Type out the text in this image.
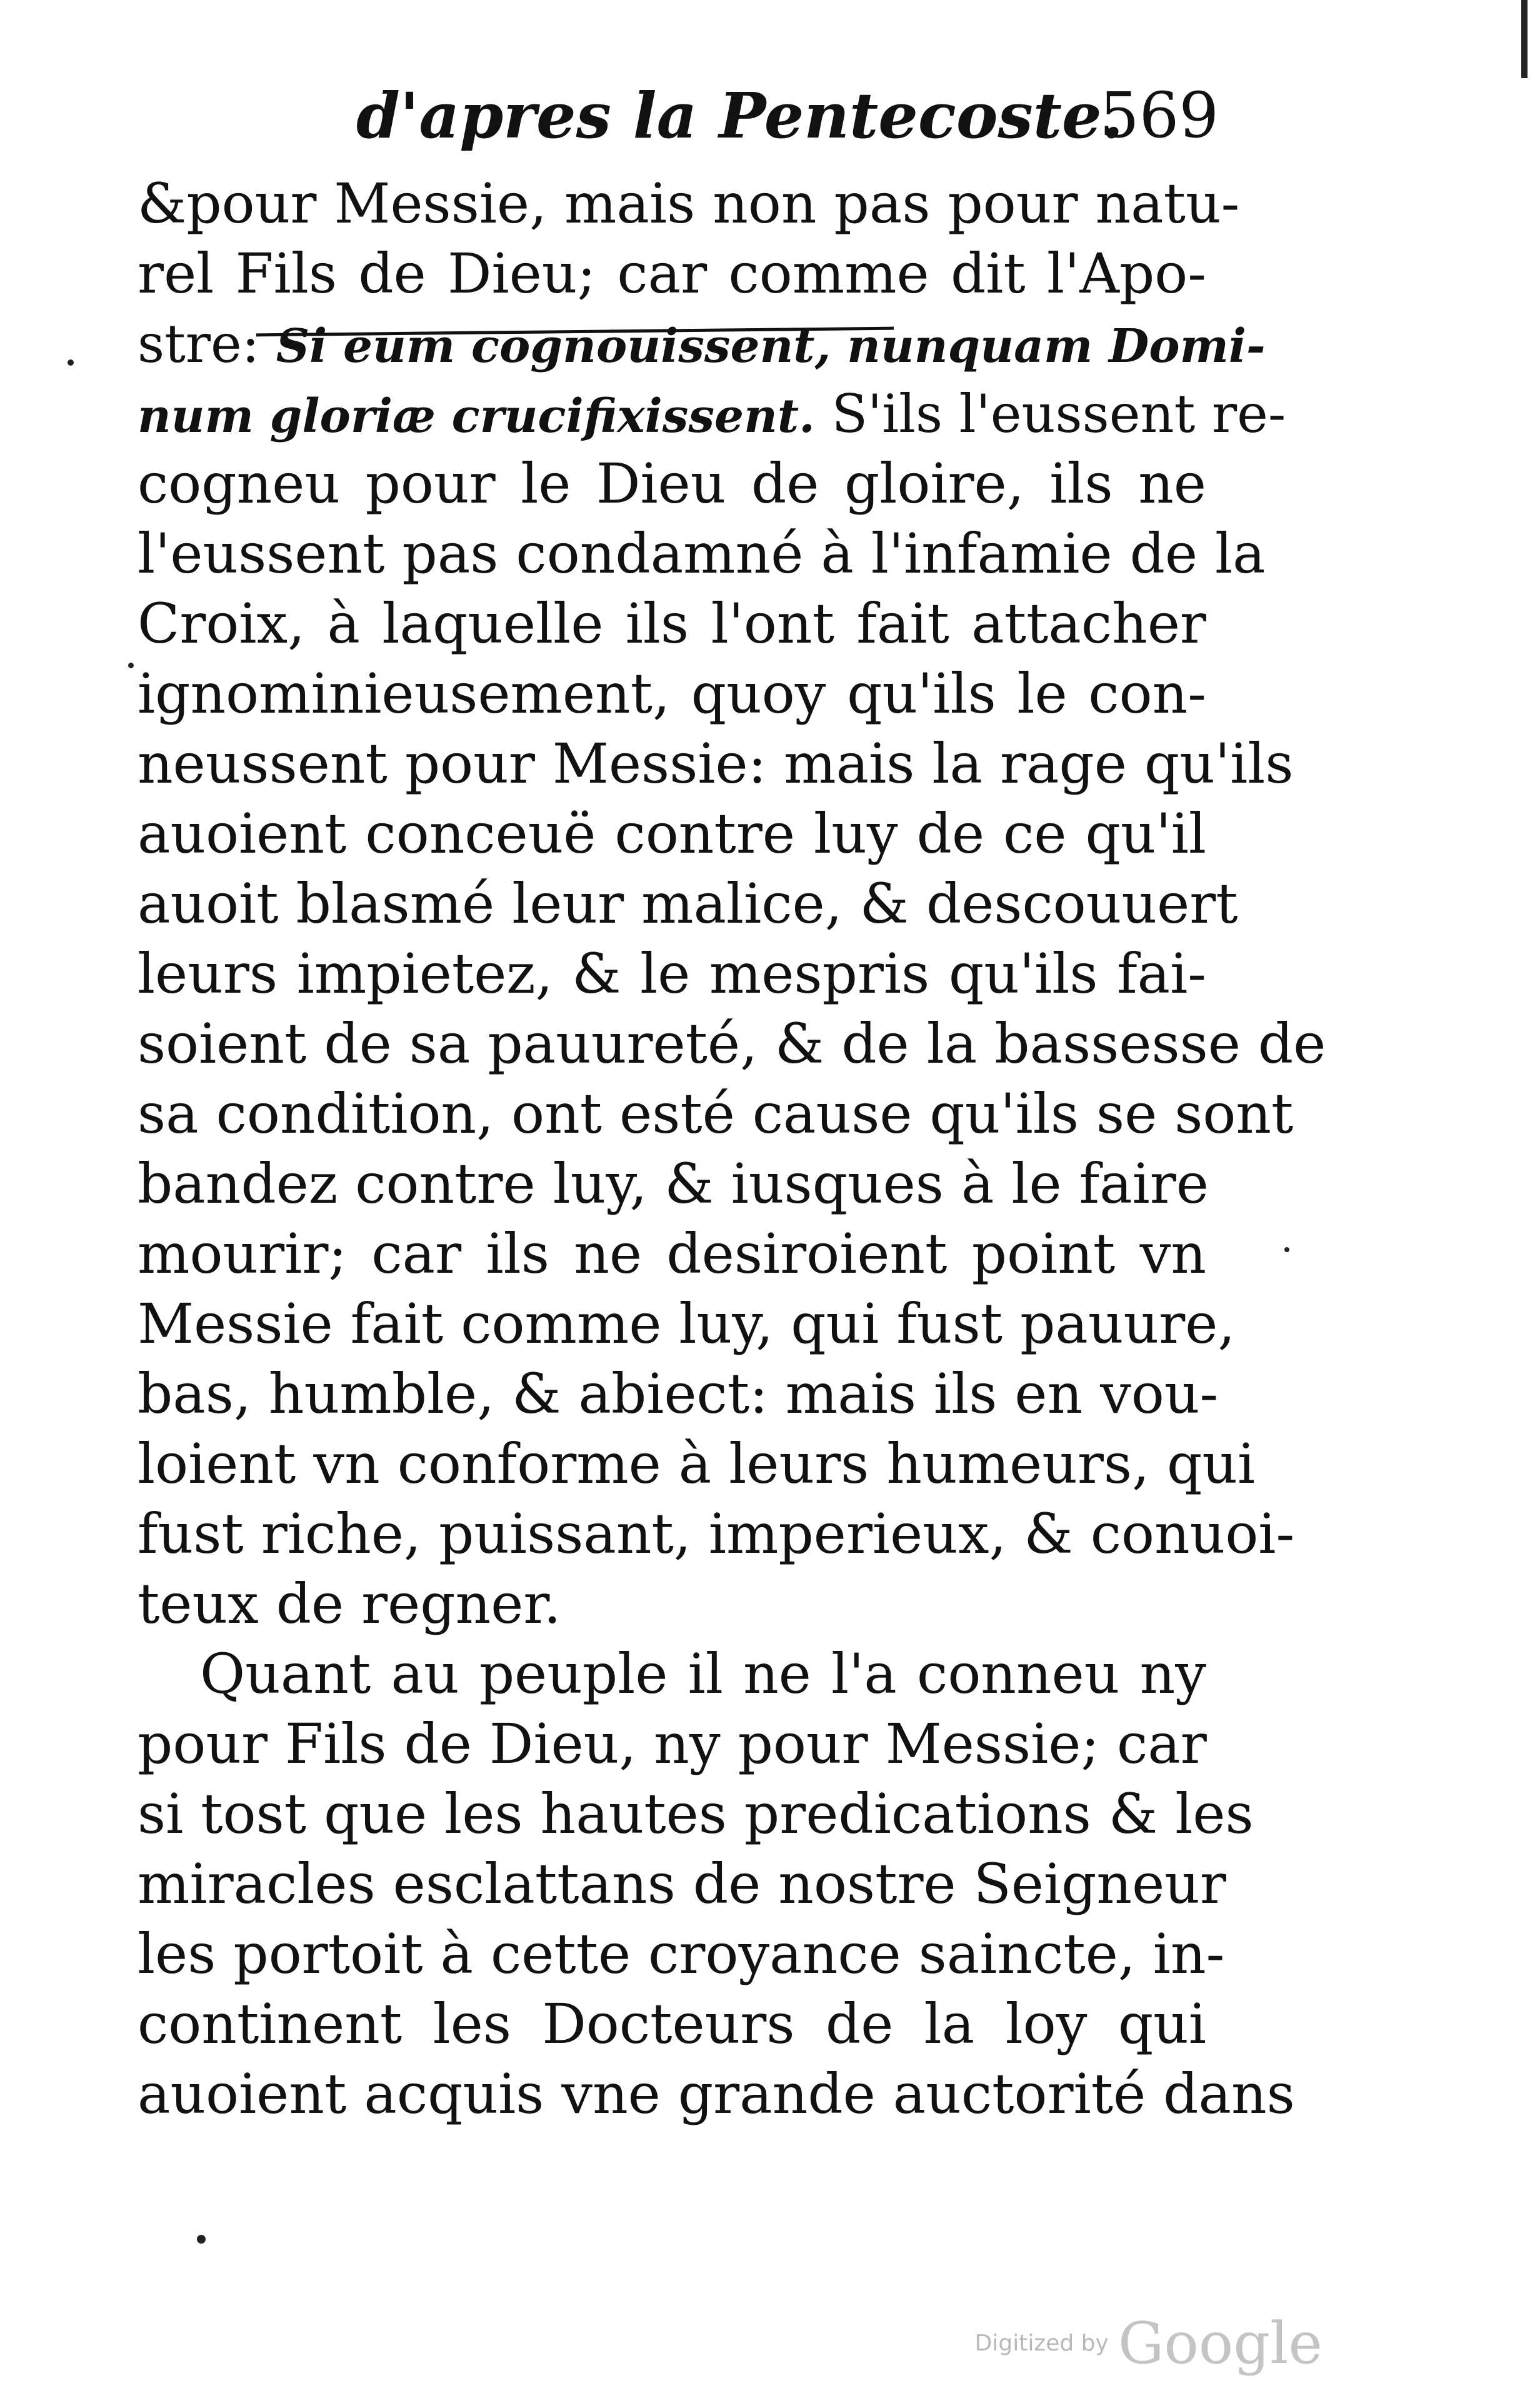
d'apres la Pentecoste.
569
&pour Messie, mais non pas pour natu-
rel Fils de Dieu; car comme dit l'Apo-
stre: Si eum cognouissent, nunquam Domi-
num gloriæ crucifixissent. S'ils l'eussent re-
cogneu pour le Dieu de gloire, ils ne
l'eussent pas condamné à l'infamie de la
Croix, à laquelle ils l'ont fait attacher
ignominieusement, quoy qu'ils le con-
neussent pour Messie: mais la rage qu'ils
auoient conceuë contre luy de ce qu'il
auoit blasmé leur malice, & descouuert
leurs impietez, & le mespris qu'ils fai-
soient de sa pauureté, & de la bassesse de
sa condition, ont esté cause qu'ils se sont
bandez contre luy, & iusques à le faire
mourir; car ils ne desiroient point vn
Messie fait comme luy, qui fust pauure,
bas, humble, & abiect: mais ils en vou-
loient vn conforme à leurs humeurs, qui
fust riche, puissant, imperieux, & conuoi-
teux de regner.
Quant au peuple il ne l'a conneu ny
pour Fils de Dieu, ny pour Messie; car
si tost que les hautes predications & les
miracles esclattans de nostre Seigneur
les portoit à cette croyance saincte, in-
continent les Docteurs de la loy qui
auoient acquis vne grande auctorité dans
Digitized by Google
